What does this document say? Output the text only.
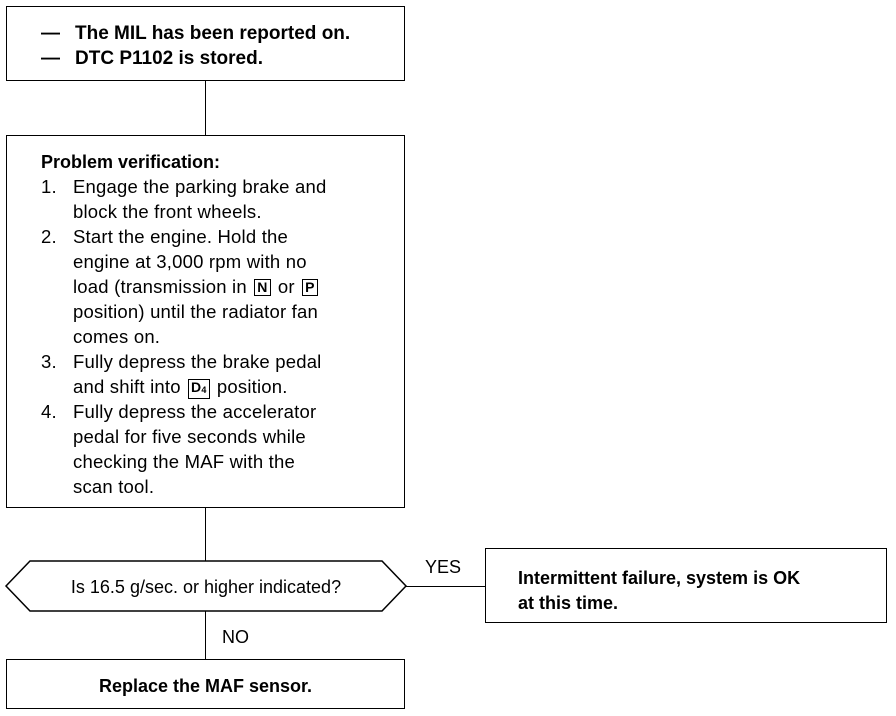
— The MIL has been reported on.
— DTC P1102 is stored.
Problem verification:
1. Engage the parking brake and
block the front wheels.
2. Start the engine. Hold the
engine at 3,000 rpm with no
load (transmission in N or P
position) until the radiator fan
comes on.
3. Fully depress the brake pedal
and shift into $D_4$ position.
4. Fully depress the accelerator
pedal for five seconds while
checking the MAF with the
scan tool.
Is 16.5 g/sec. or higher indicated?
YES
Intermittent failure, system is OK
at this time.
NO
Replace the MAF sensor.
